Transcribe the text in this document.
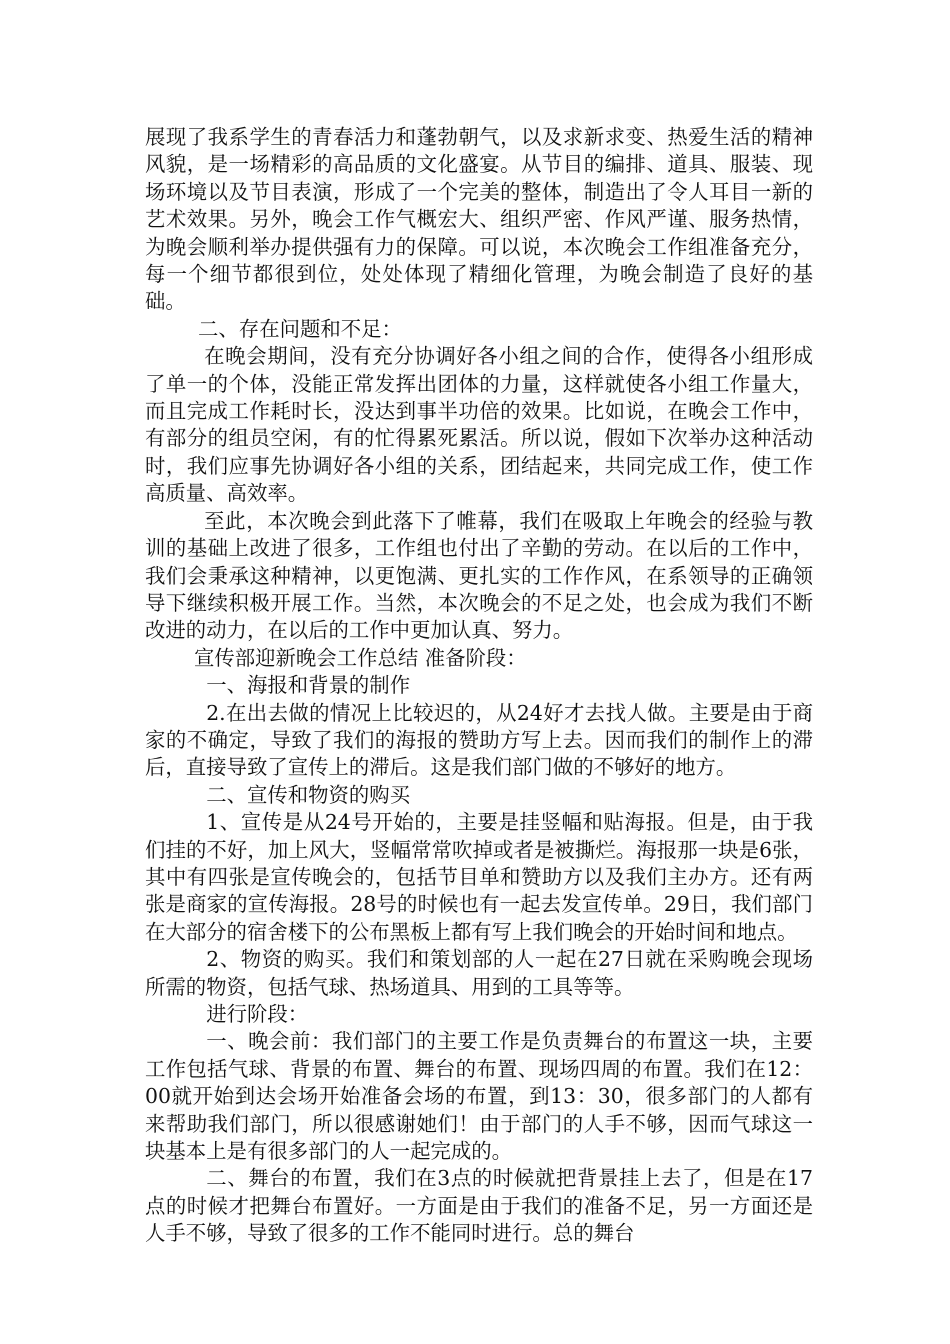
展现了我系学生的青春活力和蓬勃朝气，以及求新求变、热爱生活的精神风貌，是一场精彩的高品质的文化盛宴。从节目的编排、道具、服装、现场环境以及节目表演，形成了一个完美的整体，制造出了令人耳目一新的艺术效果。另外，晚会工作气概宏大、组织严密、作风严谨、服务热情，为晚会顺利举办提供强有力的保障。可以说，本次晚会工作组准备充分，每一个细节都很到位，处处体现了精细化管理，为晚会制造了良好的基础。

二、存在问题和不足：

在晚会期间，没有充分协调好各小组之间的合作，使得各小组形成了单一的个体，没能正常发挥出团体的力量，这样就使各小组工作量大，而且完成工作耗时长，没达到事半功倍的效果。比如说，在晚会工作中，有部分的组员空闲，有的忙得累死累活。所以说，假如下次举办这种活动时，我们应事先协调好各小组的关系，团结起来，共同完成工作，使工作高质量、高效率。

至此，本次晚会到此落下了帷幕，我们在吸取上年晚会的经验与教训的基础上改进了很多，工作组也付出了辛勤的劳动。在以后的工作中，我们会秉承这种精神，以更饱满、更扎实的工作作风，在系领导的正确领导下继续积极开展工作。当然，本次晚会的不足之处，也会成为我们不断改进的动力，在以后的工作中更加认真、努力。

宣传部迎新晚会工作总结 准备阶段：

一、海报和背景的制作

2.在出去做的情况上比较迟的，从24好才去找人做。主要是由于商家的不确定，导致了我们的海报的赞助方写上去。因而我们的制作上的滞后，直接导致了宣传上的滞后。这是我们部门做的不够好的地方。

二、宣传和物资的购买

1、宣传是从24号开始的，主要是挂竖幅和贴海报。但是，由于我们挂的不好，加上风大，竖幅常常吹掉或者是被撕烂。海报那一块是6张，其中有四张是宣传晚会的，包括节目单和赞助方以及我们主办方。还有两张是商家的宣传海报。28号的时候也有一起去发宣传单。29日，我们部门在大部分的宿舍楼下的公布黑板上都有写上我们晚会的开始时间和地点。

2、物资的购买。我们和策划部的人一起在27日就在采购晚会现场所需的物资，包括气球、热场道具、用到的工具等等。

进行阶段：

一、晚会前：我们部门的主要工作是负责舞台的布置这一块，主要工作包括气球、背景的布置、舞台的布置、现场四周的布置。我们在12：00就开始到达会场开始准备会场的布置，到13：30，很多部门的人都有来帮助我们部门，所以很感谢她们！由于部门的人手不够，因而气球这一块基本上是有很多部门的人一起完成的。

二、舞台的布置，我们在3点的时候就把背景挂上去了，但是在17点的时候才把舞台布置好。一方面是由于我们的准备不足，另一方面还是人手不够，导致了很多的工作不能同时进行。总的舞台
